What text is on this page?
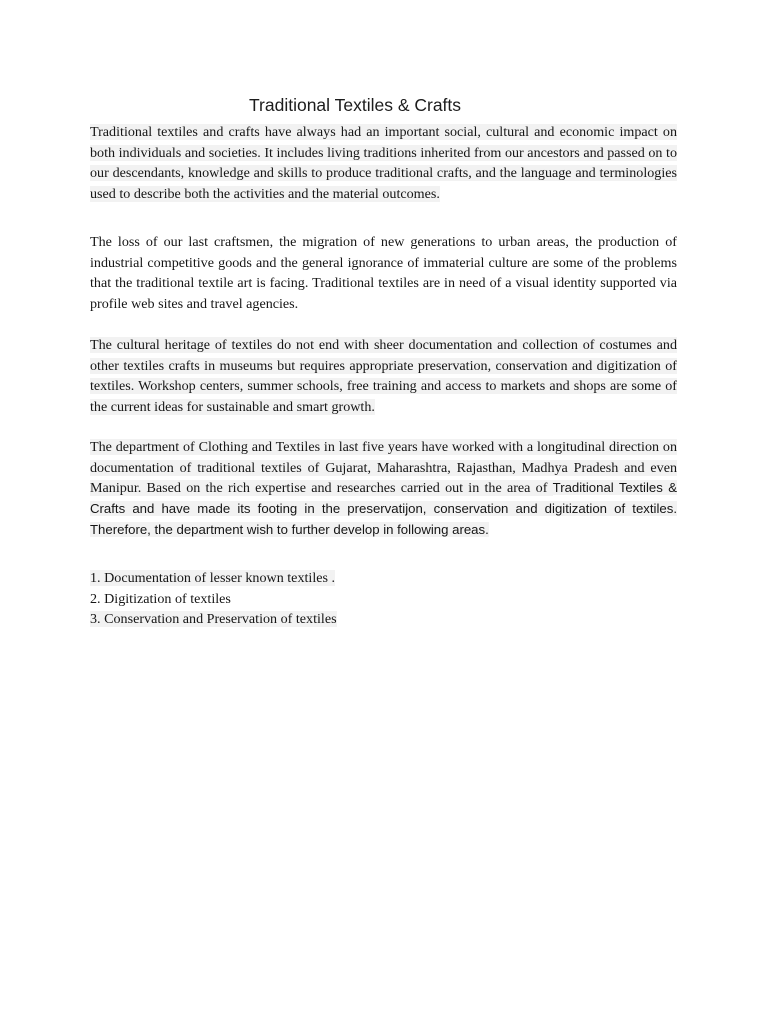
Traditional Textiles & Crafts

Traditional textiles and crafts have always had an important social, cultural and economic impact on both individuals and societies. It includes living traditions inherited from our ancestors and passed on to our descendants, knowledge and skills to produce traditional crafts, and the language and terminologies used to describe both the activities and the material outcomes.

The loss of our last craftsmen, the migration of new generations to urban areas, the production of industrial competitive goods and the general ignorance of immaterial culture are some of the problems that the traditional textile art is facing. Traditional textiles are in need of a visual identity supported via profile web sites and travel agencies.

The cultural heritage of textiles do not end with sheer documentation and collection of costumes and other textiles crafts in museums but requires appropriate preservation, conservation and digitization of textiles. Workshop centers, summer schools, free training and access to markets and shops are some of the current ideas for sustainable and smart growth.

The department of Clothing and Textiles in last five years have worked with a longitudinal direction on documentation of traditional textiles of Gujarat, Maharashtra, Rajasthan, Madhya Pradesh and even Manipur. Based on the rich expertise and researches carried out in the area of Traditional Textiles & Crafts and have made its footing in the preservatijon, conservation and digitization of textiles. Therefore, the department wish to further develop in following areas.

1. Documentation of lesser known textiles .
2. Digitization of textiles
3. Conservation and Preservation of textiles
